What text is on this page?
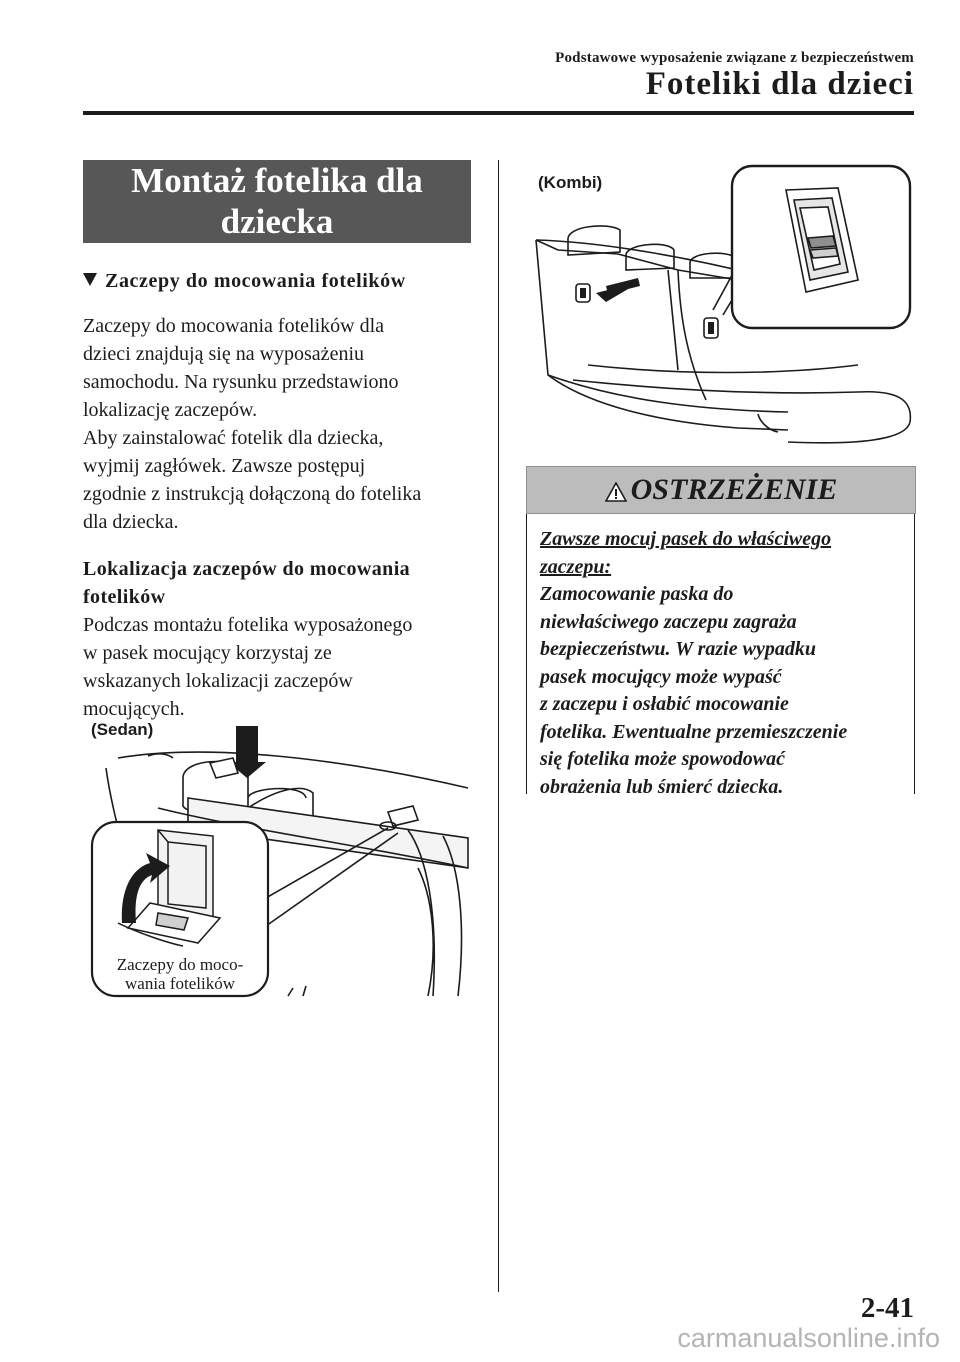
Podstawowe wyposażenie związane z bezpieczeństwem
Foteliki dla dzieci
Montaż fotelika dla
dziecka
Zaczepy do mocowania fotelików

Zaczepy do mocowania fotelików dla

dzieci znajdują się na wyposażeniu

samochodu. Na rysunku przedstawiono

lokalizację zaczepów.

Aby zainstalować fotelik dla dziecka,

wyjmij zagłówek. Zawsze postępuj

zgodnie z instrukcją dołączoną do fotelika

dla dziecka.

Lokalizacja zaczepów do mocowania

fotelików

Podczas montażu fotelika wyposażonego

w pasek mocujący korzystaj ze

wskazanych lokalizacji zaczepów

mocujących.

(Sedan)
Zaczepy do moco-
wania fotelików
(Kombi)
OSTRZEŻENIE
Zawsze mocuj pasek do właściwego
zaczepu:

Zamocowanie paska do

niewłaściwego zaczepu zagraża

bezpieczeństwu. W razie wypadku

pasek mocujący może wypaść

z zaczepu i osłabić mocowanie

fotelika. Ewentualne przemieszczenie

się fotelika może spowodować

obrażenia lub śmierć dziecka.

2-41
carmanualsonline.info
